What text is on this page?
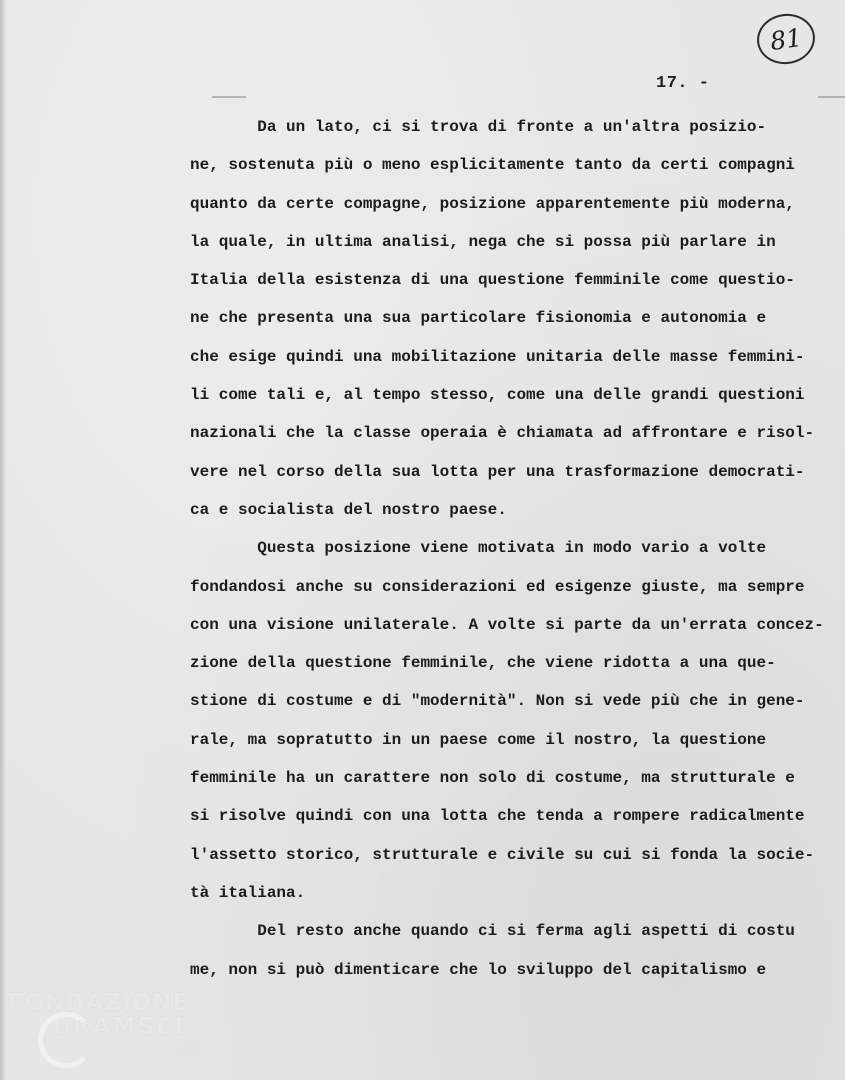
81
17. -
Da un lato, ci si trova di fronte a un'altra posizio-
ne, sostenuta più o meno esplicitamente tanto da certi compagni
quanto da certe compagne, posizione apparentemente più moderna,
la quale, in ultima analisi, nega che si possa più parlare in
Italia della esistenza di una questione femminile come questio-
ne che presenta una sua particolare fisionomia e autonomia e
che esige quindi una mobilitazione unitaria delle masse femmini-
li come tali e, al tempo stesso, come una delle grandi questioni
nazionali che la classe operaia è chiamata ad affrontare e risol-
vere nel corso della sua lotta per una trasformazione democrati-
ca e socialista del nostro paese.
Questa posizione viene motivata in modo vario a volte
fondandosi anche su considerazioni ed esigenze giuste, ma sempre
con una visione unilaterale. A volte si parte da un'errata concez-
zione della questione femminile, che viene ridotta a una que-
stione di costume e di "modernità". Non si vede più che in gene-
rale, ma sopratutto in un paese come il nostro, la questione
femminile ha un carattere non solo di costume, ma strutturale e
si risolve quindi con una lotta che tenda a rompere radicalmente
l'assetto storico, strutturale e civile su cui si fonda la socie-
tà italiana.
Del resto anche quando ci si ferma agli aspetti di costu
me, non si può dimenticare che lo sviluppo del capitalismo e
FONDAZIONE
GRAMSCI
onlus
